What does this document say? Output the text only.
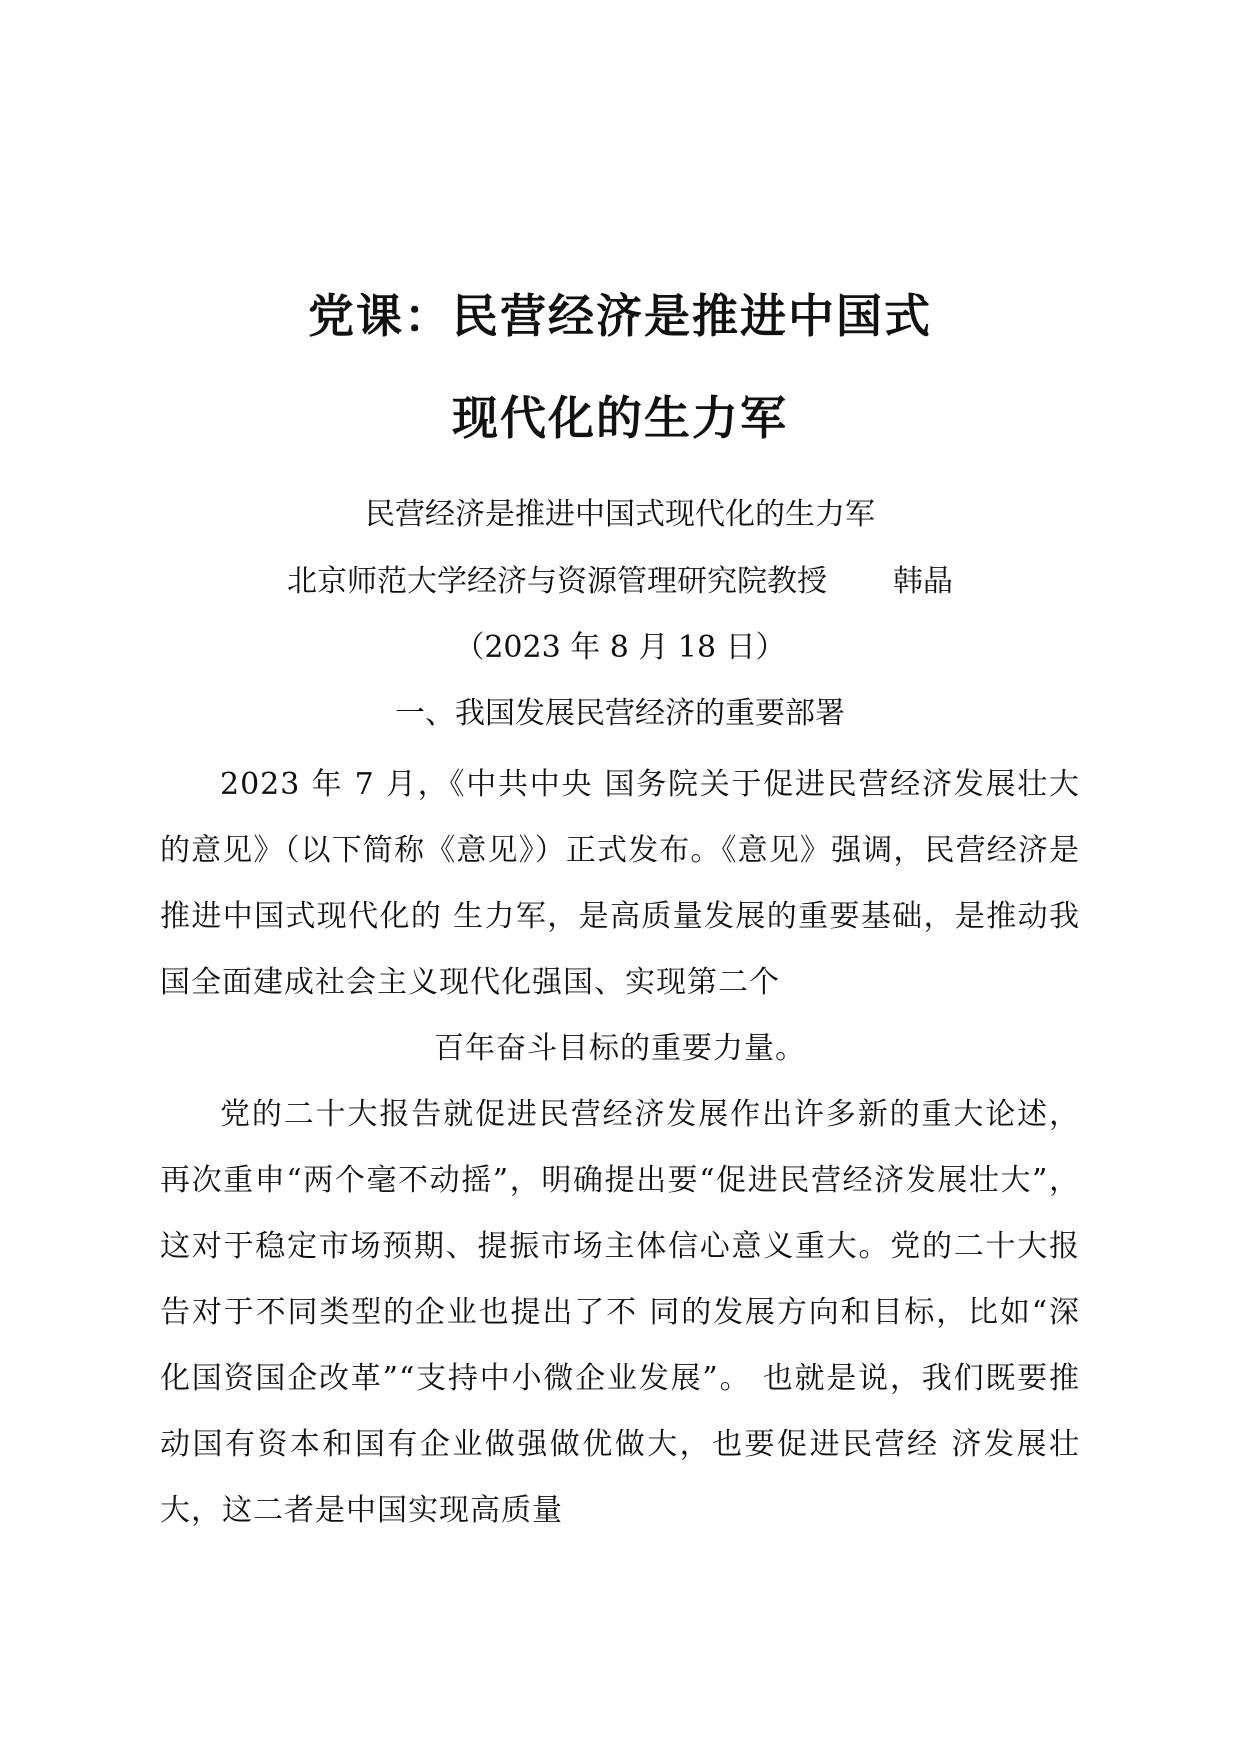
党课：民营经济是推进中国式
现代化的生力军

民营经济是推进中国式现代化的生力军

北京师范大学经济与资源管理研究院教授 韩晶

（2023 年 8 月 18 日）

一、我国发展民营经济的重要部署

2023 年 7 月，《中共中央 国务院关于促进民营经济发展壮大的意见》（以下简称《意见》）正式发布。《意见》强调，民营经济是推进中国式现代化的 生力军，是高质量发展的重要基础，是推动我国全面建成社会主义现代化强国、实现第二个

百年奋斗目标的重要力量。

党的二十大报告就促进民营经济发展作出许多新的重大论述，再次重申“两个毫不动摇”，明确提出要“促进民营经济发展壮大”，这对于稳定市场预期、提振市场主体信心意义重大。党的二十大报告对于不同类型的企业也提出了不 同的发展方向和目标，比如“深化国资国企改革”“支持中小微企业发展”。 也就是说，我们既要推动国有资本和国有企业做强做优做大，也要促进民营经 济发展壮大，这二者是中国实现高质量
